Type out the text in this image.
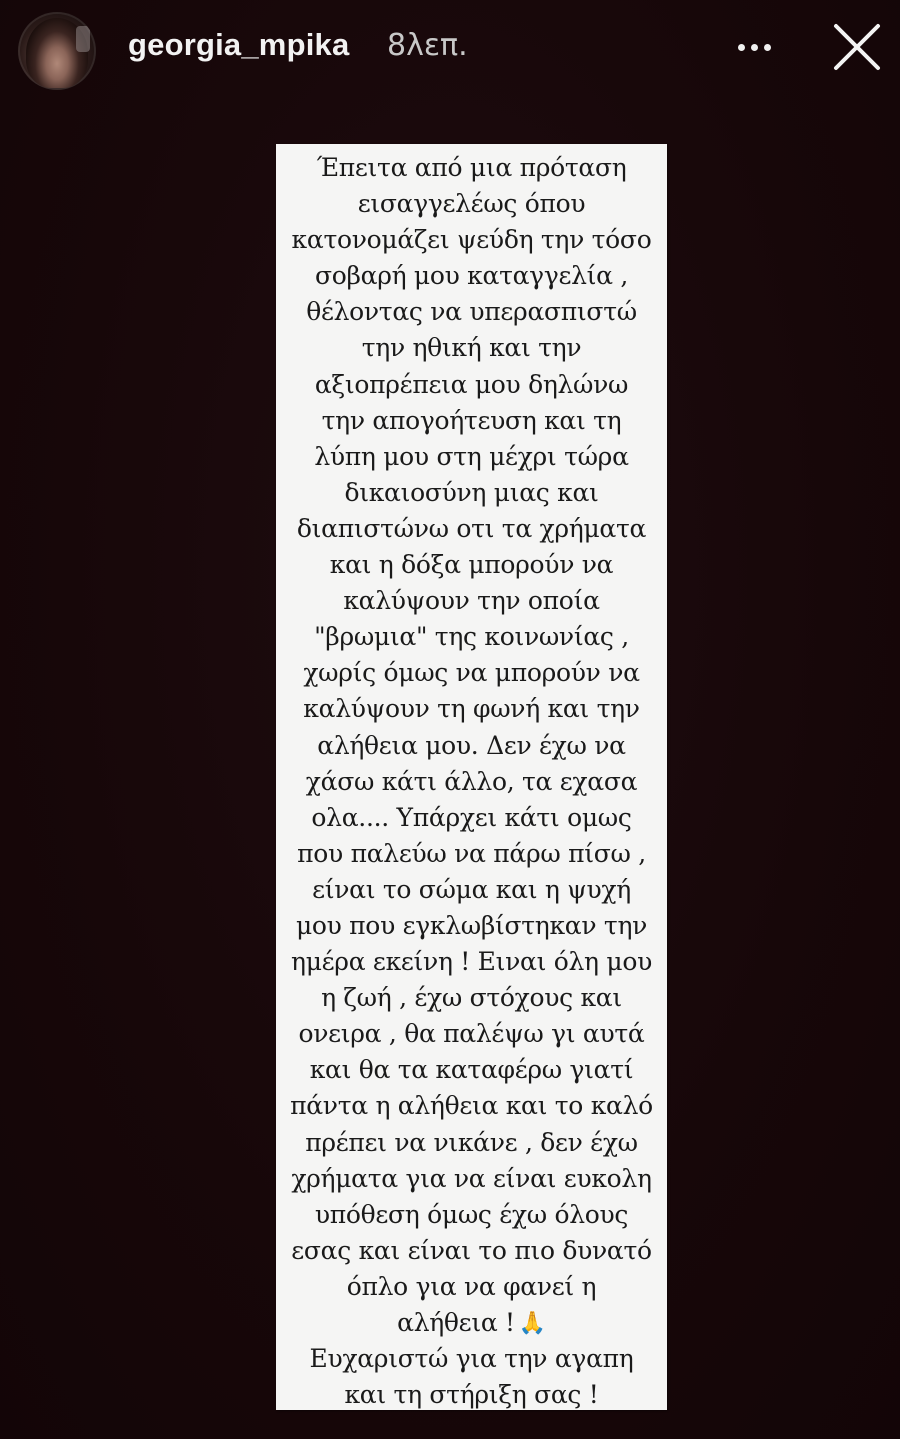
georgia_mpika 8λεπ.
Έπειτα από μια πρόταση
εισαγγελέως όπου
κατονομάζει ψεύδη την τόσο
σοβαρή μου καταγγελία ,
θέλοντας να υπερασπιστώ
την ηθική και την
αξιοπρέπεια μου δηλώνω
την απογοήτευση και τη
λύπη μου στη μέχρι τώρα
δικαιοσύνη μιας και
διαπιστώνω οτι τα χρήματα
και η δόξα μπορούν να
καλύψουν την οποία
"βρωμια" της κοινωνίας ,
χωρίς όμως να μπορούν να
καλύψουν τη φωνή και την
αλήθεια μου. Δεν έχω να
χάσω κάτι άλλο, τα εχασα
ολα.... Υπάρχει κάτι ομως
που παλεύω να πάρω πίσω ,
είναι το σώμα και η ψυχή
μου που εγκλωβίστηκαν την
ημέρα εκείνη ! Ειναι όλη μου
η ζωή , έχω στόχους και
ονειρα , θα παλέψω γι αυτά
και θα τα καταφέρω γιατί
πάντα η αλήθεια και το καλό
πρέπει να νικάνε , δεν έχω
χρήματα για να είναι ευκολη
υπόθεση όμως έχω όλους
εσας και είναι το πιο δυνατό
όπλο για να φανεί η
αλήθεια ! 🙏
Ευχαριστώ για την αγαπη
και τη στήριξη σας !
